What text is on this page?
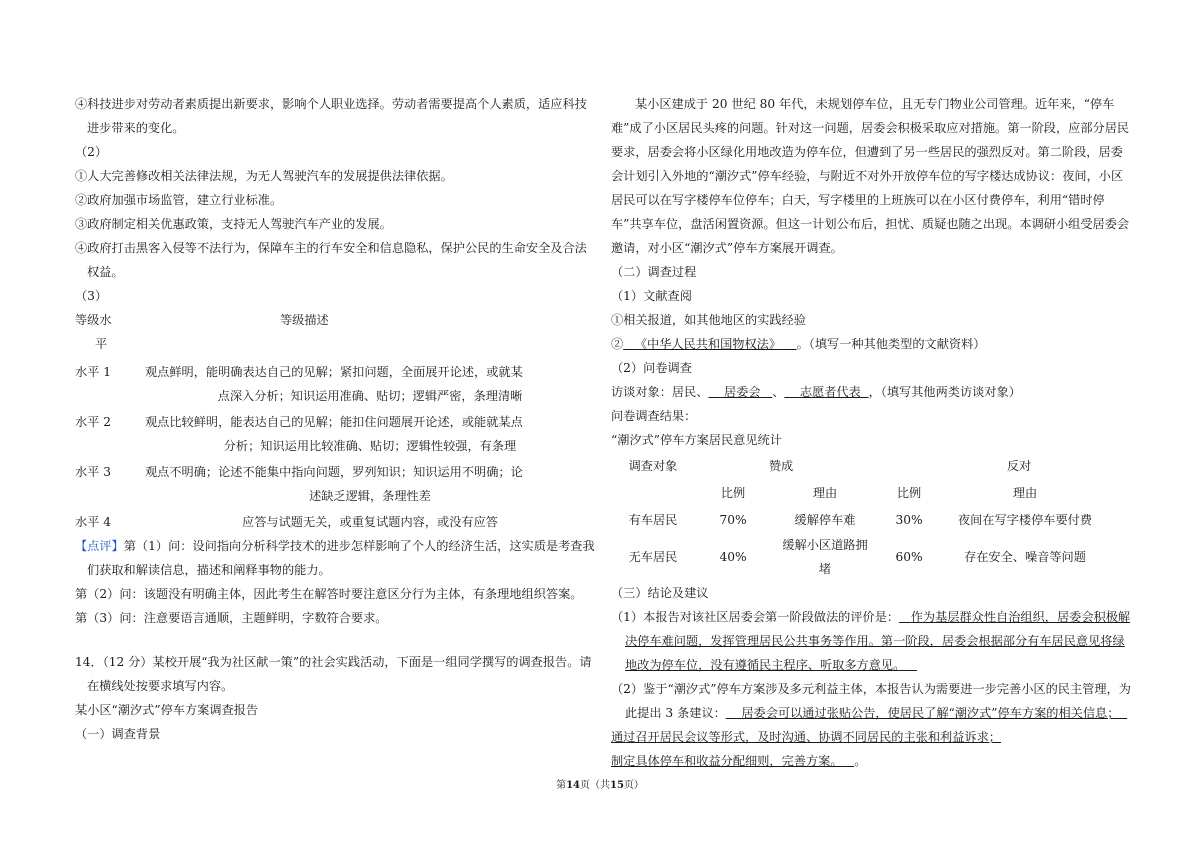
④科技进步对劳动者素质提出新要求，影响个人职业选择。劳动者需要提高个人素质，适应科技进步带来的变化。

（2）

①人大完善修改相关法律法规，为无人驾驶汽车的发展提供法律依据。

②政府加强市场监管，建立行业标准。

③政府制定相关优惠政策，支持无人驾驶汽车产业的发展。

④政府打击黑客入侵等不法行为，保障车主的行车安全和信息隐私，保护公民的生命安全及合法权益。

（3）

等级水	等级描述
平
水平 1	观点鲜明，能明确表达自己的见解；紧扣问题，全面展开论述，或就某
点深入分析；知识运用准确、贴切；逻辑严密，条理清晰
水平 2	观点比较鲜明，能表达自己的见解；能扣住问题展开论述，或能就某点
分析；知识运用比较准确、贴切；逻辑性较强，有条理
水平 3	观点不明确；论述不能集中指向问题，罗列知识；知识运用不明确；论
述缺乏逻辑，条理性差
水平 4	应答与试题无关，或重复试题内容，或没有应答

【点评】第（1）问：设问指向分析科学技术的进步怎样影响了个人的经济生活，这实质是考查我们获取和解读信息，描述和阐释事物的能力。

第（2）问：该题没有明确主体，因此考生在解答时要注意区分行为主体，有条理地组织答案。

第（3）问：注意要语言通顺，主题鲜明，字数符合要求。

14．（12 分）某校开展“我为社区献一策”的社会实践活动，下面是一组同学撰写的调查报告。请在横线处按要求填写内容。

某小区“潮汐式”停车方案调查报告

（一）调查背景

某小区建成于 20 世纪 80 年代，未规划停车位，且无专门物业公司管理。近年来，“停车难”成了小区居民头疼的问题。针对这一问题，居委会积极采取应对措施。第一阶段，应部分居民要求，居委会将小区绿化用地改造为停车位，但遭到了另一些居民的强烈反对。第二阶段，居委会计划引入外地的“潮汐式”停车经验，与附近不对外开放停车位的写字楼达成协议：夜间，小区居民可以在写字楼停车位停车；白天，写字楼里的上班族可以在小区付费停车，利用“错时停车”共享车位，盘活闲置资源。但这一计划公布后，担忧、质疑也随之出现。本调研小组受居委会邀请，对小区“潮汐式”停车方案展开调查。

（二）调查过程

（1）文献查阅

①相关报道，如其他地区的实践经验

② 《中华人民共和国物权法》 。（填写一种其他类型的文献资料）

（2）问卷调查

访谈对象：居民、 居委会 、 志愿者代表 ，（填写其他两类访谈对象）

问卷调查结果：

“潮汐式”停车方案居民意见统计

调查对象	赞成		反对	
	比例	理由	比例	理由
有车居民	70%	缓解停车难	30%	夜间在写字楼停车要付费
无车居民	40%	缓解小区道路拥堵	60%	存在安全、噪音等问题

（三）结论及建议

（1）本报告对该社区居委会第一阶段做法的评价是： 作为基层群众性自治组织，居委会积极解决停车难问题，发挥管理居民公共事务等作用。第一阶段，居委会根据部分有车居民意见将绿地改为停车位，没有遵循民主程序、听取多方意见。

（2）鉴于“潮汐式”停车方案涉及多元利益主体，本报告认为需要进一步完善小区的民主管理，为此提出 3 条建议： 居委会可以通过张贴公告，使居民了解“潮汐式”停车方案的相关信息；

通过召开居民会议等形式，及时沟通、协调不同居民的主张和利益诉求；

制定具体停车和收益分配细则，完善方案。 。

第14页（共15页）
